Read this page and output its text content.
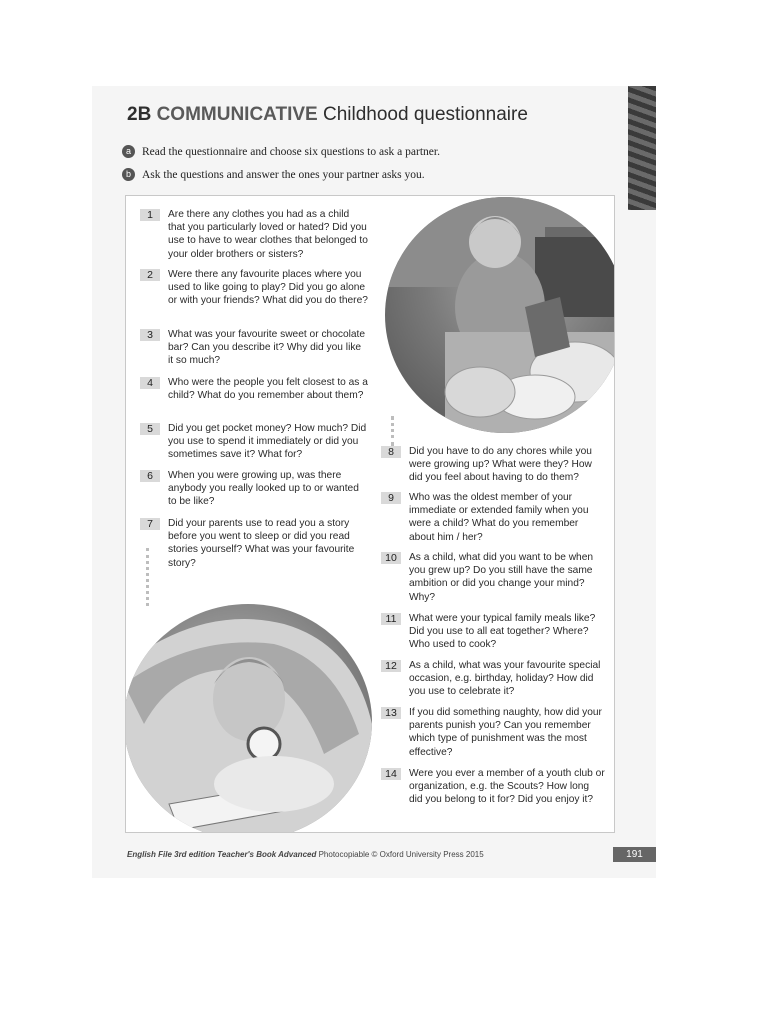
2B COMMUNICATIVE Childhood questionnaire
a Read the questionnaire and choose six questions to ask a partner.
b Ask the questions and answer the ones your partner asks you.
1	Are there any clothes you had as a child that you particularly loved or hated? Did you use to have to wear clothes that belonged to your older brothers or sisters?
2	Were there any favourite places where you used to like going to play? Did you go alone or with your friends? What did you do there?
3	What was your favourite sweet or chocolate bar? Can you describe it? Why did you like it so much?
4	Who were the people you felt closest to as a child? What do you remember about them?
5	Did you get pocket money? How much? Did you use to spend it immediately or did you sometimes save it? What for?
6	When you were growing up, was there anybody you really looked up to or wanted to be like?
7	Did your parents use to read you a story before you went to sleep or did you read stories yourself? What was your favourite story?
8	Did you have to do any chores while you were growing up? What were they? How did you feel about having to do them?
9	Who was the oldest member of your immediate or extended family when you were a child? What do you remember about him / her?
10	As a child, what did you want to be when you grew up? Do you still have the same ambition or did you change your mind? Why?
11	What were your typical family meals like? Did you use to all eat together? Where? Who used to cook?
12	As a child, what was your favourite special occasion, e.g. birthday, holiday? How did you use to celebrate it?
13	If you did something naughty, how did your parents punish you? Can you remember which type of punishment was the most effective?
14	Were you ever a member of a youth club or organization, e.g. the Scouts? How long did you belong to it for? Did you enjoy it?
English File 3rd edition Teacher's Book Advanced Photocopiable © Oxford University Press 2015	191
